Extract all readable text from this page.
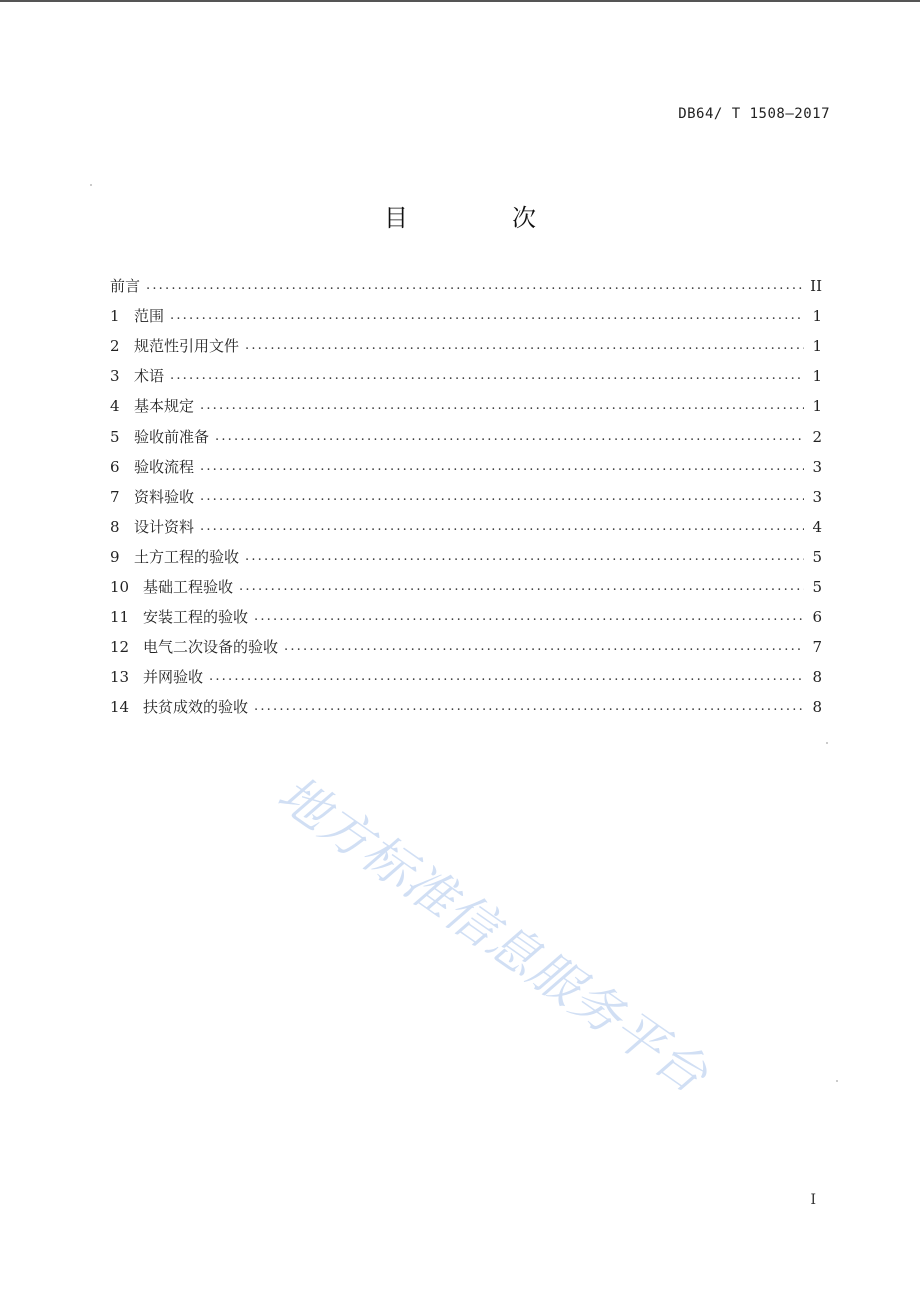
DB64/ T 1508—2017
目　次
前言 .....	II
1 范围 .....	1
2 规范性引用文件 .....	1
3 术语 .....	1
4 基本规定 .....	1
5 验收前准备 .....	2
6 验收流程 .....	3
7 资料验收 .....	3
8 设计资料 .....	4
9 土方工程的验收 .....	5
10 基础工程验收 .....	5
11 安装工程的验收 .....	6
12 电气二次设备的验收 .....	7
13 并网验收 .....	8
14 扶贫成效的验收 .....	8
地方标准信息服务平台
I
